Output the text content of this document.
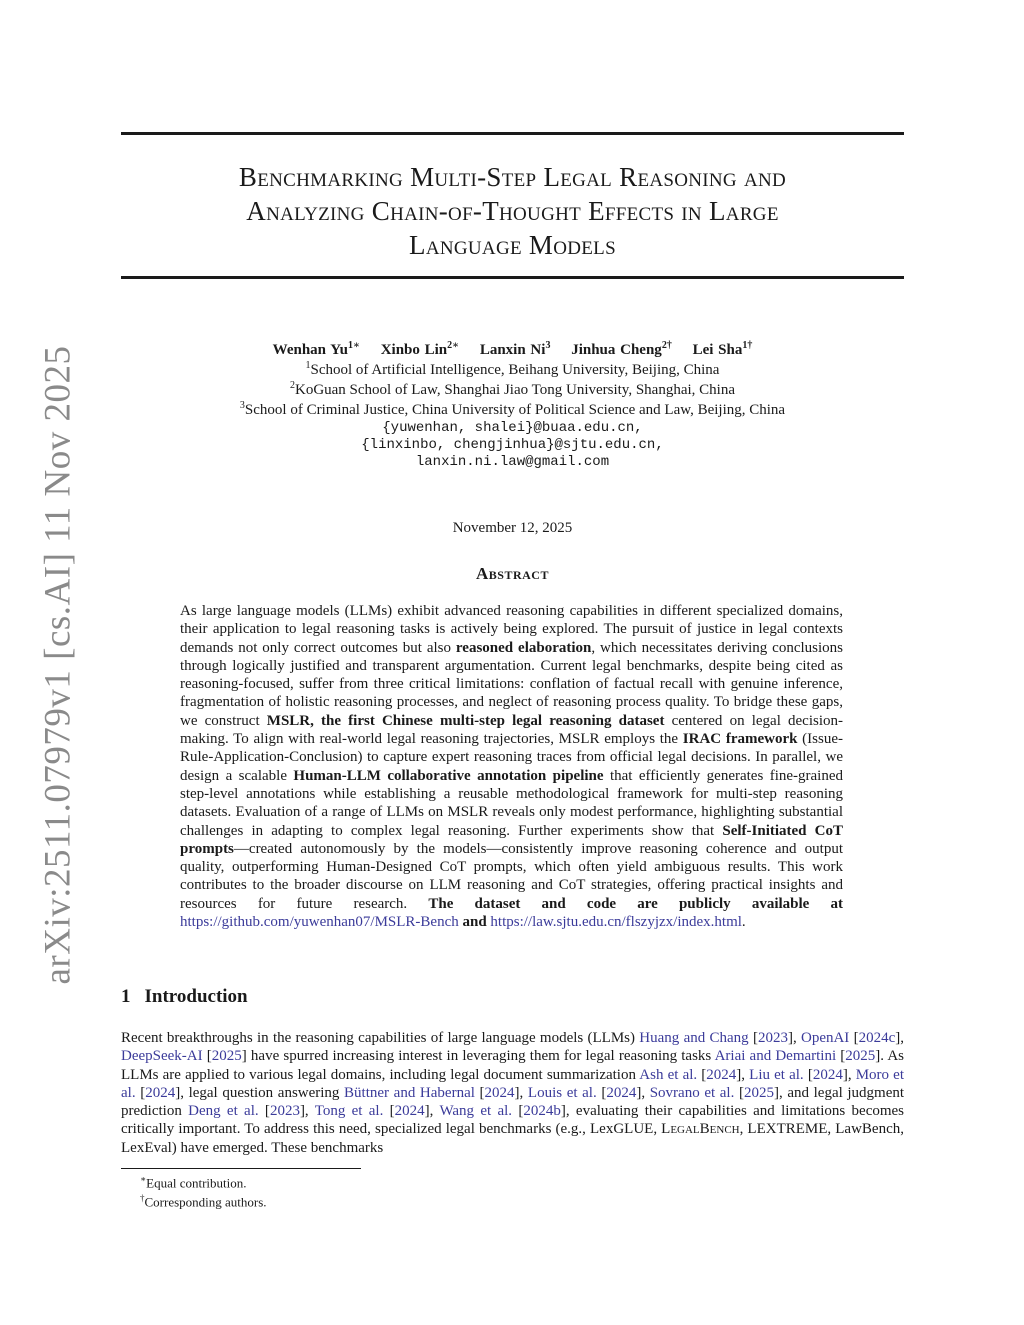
arXiv:2511.07979v1 [cs.AI] 11 Nov 2025
Benchmarking Multi-Step Legal Reasoning and
Analyzing Chain-of-Thought Effects in Large
Language Models
Wenhan $Yu^{1∗}$ Xinbo Lin$^{2∗}$ Lanxin Ni$^3$ Jinhua Cheng$^{2\dagger}$ Lei Sha$^{1\dagger}$
$^1$School of Artificial Intelligence, Beihang University, Beijing, China
$^2$KoGuan School of Law, Shanghai Jiao Tong University, Shanghai, China
$^3$School of Criminal Justice, China University of Political Science and Law, Beijing, China
{yuwenhan, shalei}@buaa.edu.cn,
{linxinbo, chengjinhua}@sjtu.edu.cn,
lanxin.ni.law@gmail.com
November 12, 2025
Abstract
As large language models (LLMs) exhibit advanced reasoning capabilities in different specialized domains, their application to legal reasoning tasks is actively being explored. The pursuit of justice in legal contexts demands not only correct outcomes but also reasoned elaboration, which necessitates deriving conclusions through logically justified and transparent argumentation. Current legal benchmarks, despite being cited as reasoning-focused, suffer from three critical limitations: conflation of factual recall with genuine inference, fragmentation of holistic reasoning processes, and neglect of reasoning process quality. To bridge these gaps, we construct MSLR, the first Chinese multi-step legal reasoning dataset centered on legal decision-making. To align with real-world legal reasoning trajectories, MSLR employs the IRAC framework (Issue-Rule-Application-Conclusion) to capture expert reasoning traces from official legal decisions. In parallel, we design a scalable Human-LLM collaborative annotation pipeline that efficiently generates fine-grained step-level annotations while establishing a reusable methodological framework for multi-step reasoning datasets. Evaluation of a range of LLMs on MSLR reveals only modest performance, highlighting substantial challenges in adapting to complex legal reasoning. Further experiments show that Self-Initiated CoT prompts—created autonomously by the models—consistently improve reasoning coherence and output quality, outperforming Human-Designed CoT prompts, which often yield ambiguous results. This work contributes to the broader discourse on LLM reasoning and CoT strategies, offering practical insights and resources for future research. The dataset and code are publicly available at https://github.com/yuwenhan07/MSLR-Bench and https://law.sjtu.edu.cn/flszyjzx/index.html.
1 Introduction
Recent breakthroughs in the reasoning capabilities of large language models (LLMs) Huang and Chang [2023], OpenAI [2024c], DeepSeek-AI [2025] have spurred increasing interest in leveraging them for legal reasoning tasks Ariai and Demartini [2025]. As LLMs are applied to various legal domains, including legal document summarization Ash et al. [2024], Liu et al. [2024], Moro et al. [2024], legal question answering Büttner and Habernal [2024], Louis et al. [2024], Sovrano et al. [2025], and legal judgment prediction Deng et al. [2023], Tong et al. [2024], Wang et al. [2024b], evaluating their capabilities and limitations becomes critically important. To address this need, specialized legal benchmarks (e.g., LexGLUE, LegalBench, LEXTREME, LawBench, LexEval) have emerged. These benchmarks
∗Equal contribution.
†Corresponding authors.
